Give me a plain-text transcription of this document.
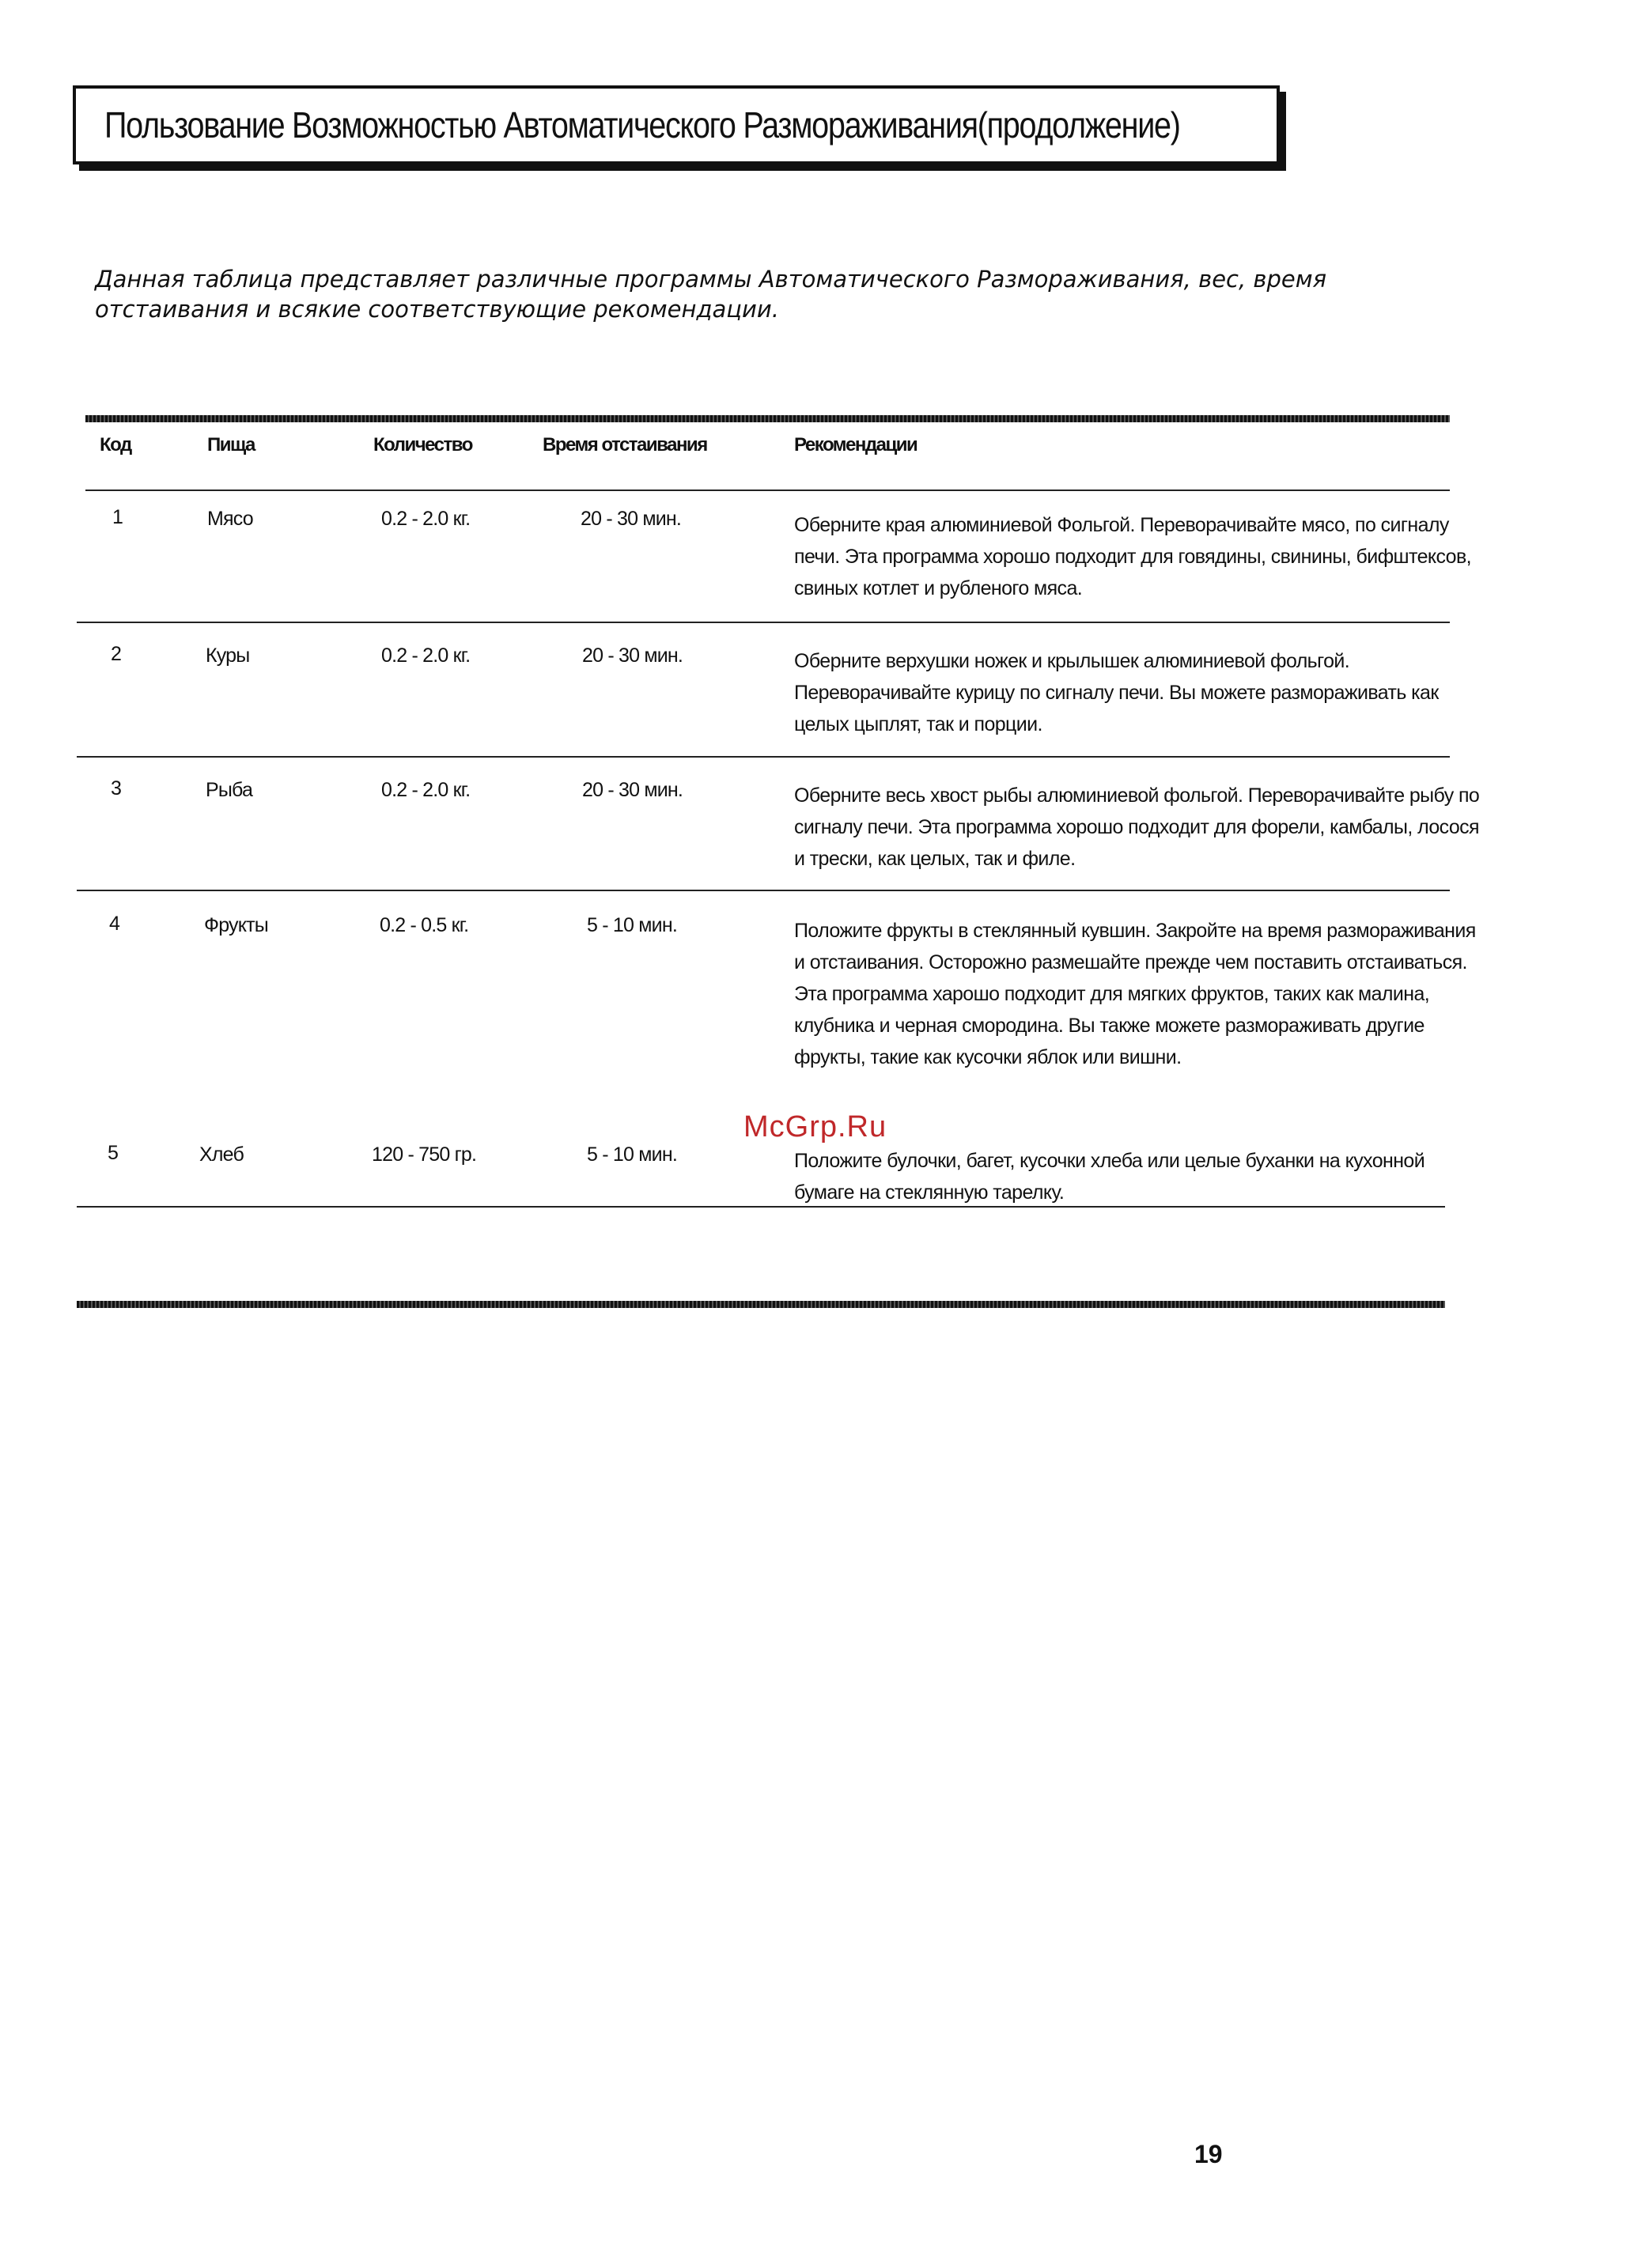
Пользование Возможностью Автоматического Размораживания(продолжение)
Данная таблица представляет различные программы Автоматического Размораживания, вес, время отстаивания и всякие соответствующие рекомендации.
Код	Пища	Количество	Время отстаивания	Рекомендации
1	Мясо	0.2 - 2.0 кг.	20 - 30 мин.	Оберните края алюминиевой Фольгой. Переворачивайте мясо, по сигналу печи. Эта программа хорошо подходит для говядины, свинины, бифштексов, свиных котлет и рубленого мяса.
2	Куры	0.2 - 2.0 кг.	20 - 30 мин.	Оберните верхушки ножек и крылышек алюминиевой фольгой. Переворачивайте курицу по сигналу печи. Вы можете размораживать как целых цыплят, так и порции.
3	Рыба	0.2 - 2.0 кг.	20 - 30 мин.	Оберните весь хвост рыбы алюминиевой фольгой. Переворачивайте рыбу по сигналу печи. Эта программа хорошо подходит для форели, камбалы, лосося и трески, как целых, так и филе.
4	Фрукты	0.2 - 0.5 кг.	5 - 10 мин.	Положите фрукты в стеклянный кувшин. Закройте на время размораживания и отстаивания. Осторожно размешайте прежде чем поставить отстаиваться. Эта программа харошо подходит для мягких фруктов, таких как малина, клубника и черная смородина. Вы также можете размораживать другие фрукты, такие как кусочки яблок или вишни.
5	Хлеб	120 - 750 гр.	5 - 10 мин.	Положите булочки, багет, кусочки хлеба или целые буханки на кухонной бумаге на стеклянную тарелку.
McGrp.Ru
19
